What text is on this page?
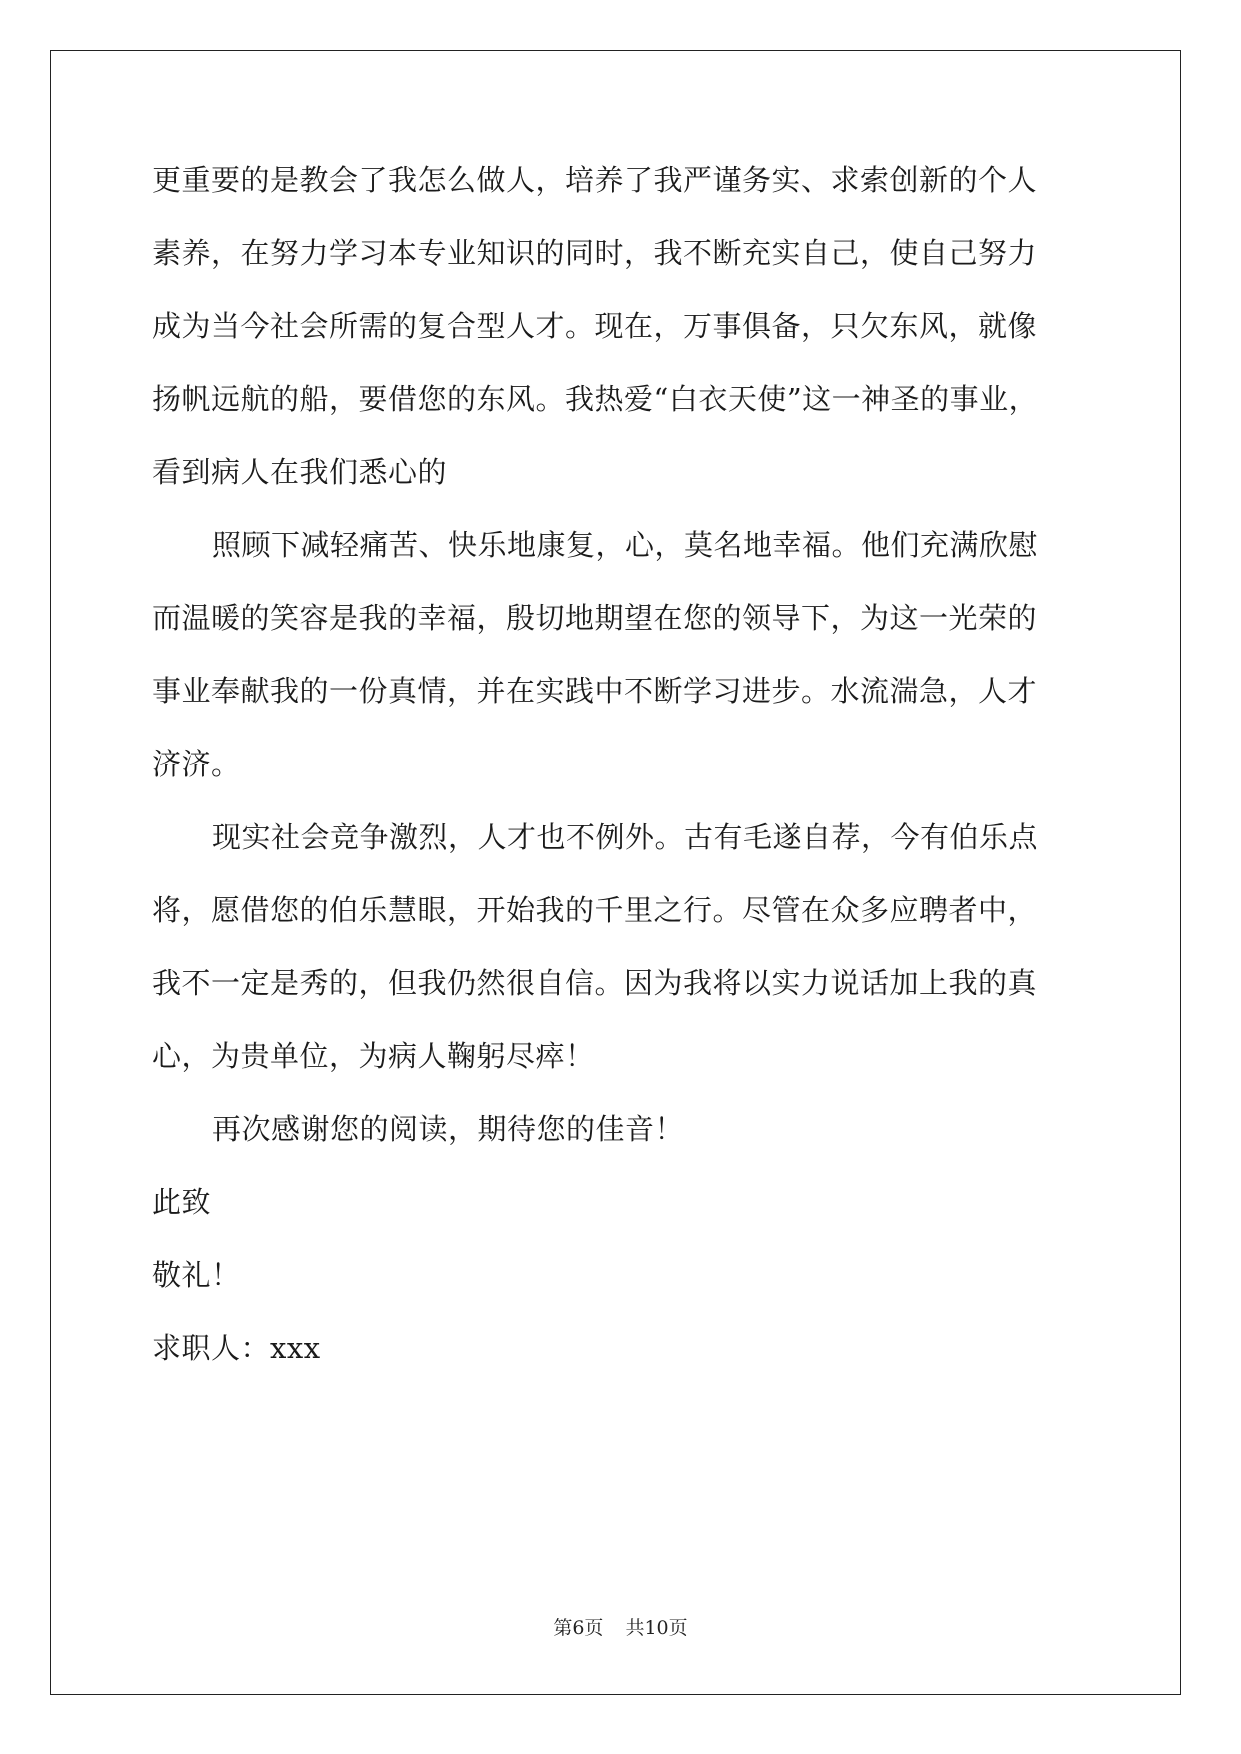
更重要的是教会了我怎么做人，培养了我严谨务实、求索创新的个人
素养，在努力学习本专业知识的同时，我不断充实自己，使自己努力
成为当今社会所需的复合型人才。现在，万事俱备，只欠东风，就像
扬帆远航的船，要借您的东风。我热爱“白衣天使”这一神圣的事业，
看到病人在我们悉心的
照顾下减轻痛苦、快乐地康复，心，莫名地幸福。他们充满欣慰
而温暖的笑容是我的幸福，殷切地期望在您的领导下，为这一光荣的
事业奉献我的一份真情，并在实践中不断学习进步。水流湍急，人才
济济。
现实社会竞争激烈，人才也不例外。古有毛遂自荐，今有伯乐点
将，愿借您的伯乐慧眼，开始我的千里之行。尽管在众多应聘者中，
我不一定是秀的，但我仍然很自信。因为我将以实力说话加上我的真
心，为贵单位，为病人鞠躬尽瘁！
再次感谢您的阅读，期待您的佳音！
此致
敬礼！
求职人：xxx
第6页 共10页
